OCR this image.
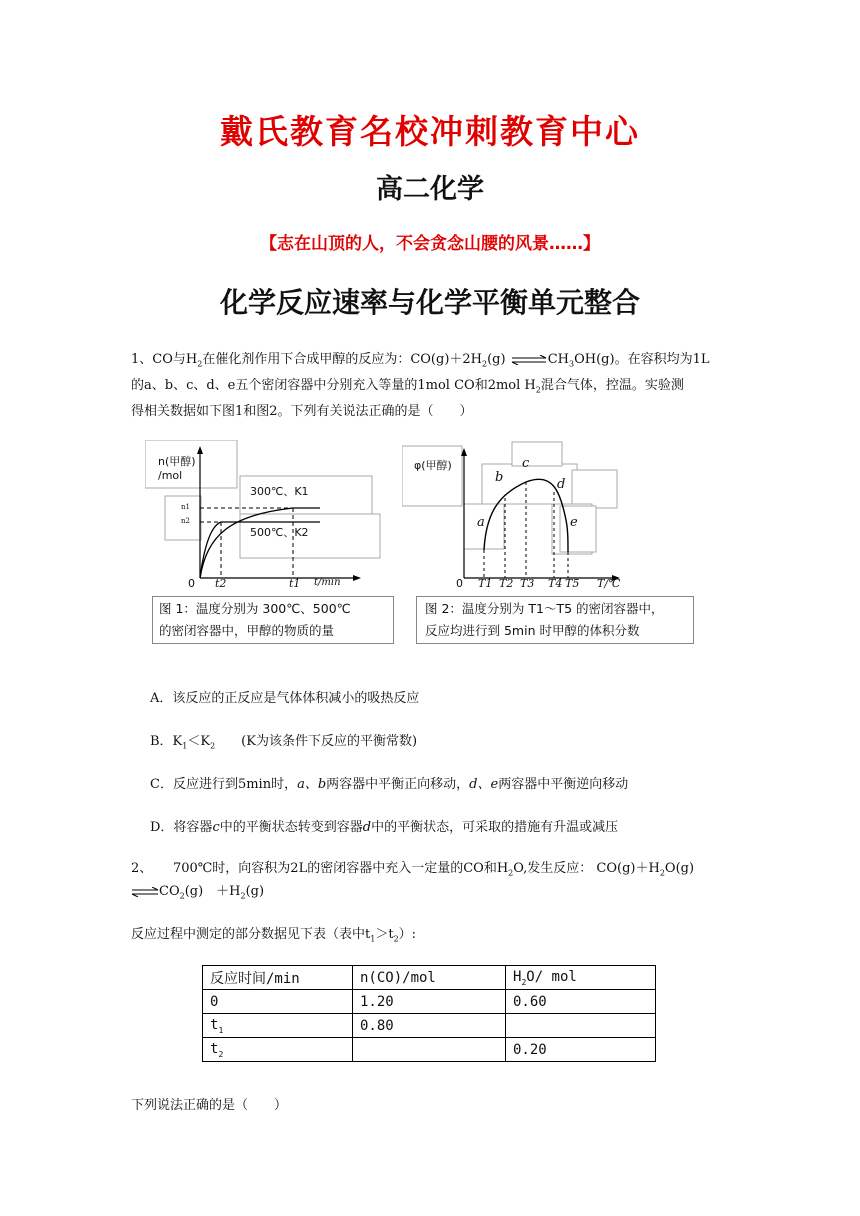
戴氏教育名校冲刺教育中心
高二化学
【志在山顶的人，不会贪念山腰的风景……】
化学反应速率与化学平衡单元整合
1、CO与$H_2$在催化剂作用下合成甲醇的反应为：$CO(g)+2H_2(g)$ $\rightleftharpoons CH_3OH(g)$。在容积均为1L
的a、b、c、d、e五个密闭容器中分别充入等量的1mol CO和2mol $H_2$混合气体，控温。实验测
得相关数据如下图1和图2。下列有关说法正确的是（　　）
n(甲醇)
/mol
n1
n2
300℃、K1
500℃、K2
0 t2	t1 t/min
图 1：温度分别为 300℃、500℃
的密闭容器中，甲醇的物质的量
φ(甲醇)
a
b
c
d
e
0 T1 T2 T3 T4 T5 T/℃
图 2：温度分别为 T1～T5 的密闭容器中，
反应均进行到 5min 时甲醇的体积分数
A．该反应的正反应是气体体积减小的吸热反应
B．$K_1<K_2$　　(K为该条件下反应的平衡常数)
C．反应进行到5min时，a、b两容器中平衡正向移动，d、e两容器中平衡逆向移动
D．将容器c中的平衡状态转变到容器d中的平衡状态，可采取的措施有升温或减压
2、 700℃时，向容积为2L的密闭容器中充入一定量的CO和$H_2O$,发生反应： $CO(g)+H_2O(g)$
$\rightleftharpoons CO_2(g)$　$+H_2(g)$
反应过程中测定的部分数据见下表（表中$t_1>t_2$）:
反应时间/min	n(CO)/mol	$H_2O/$ mol
0	1.20	0.60
$t_1$	0.80	
$t_2$		0.20
下列说法正确的是（　　）
